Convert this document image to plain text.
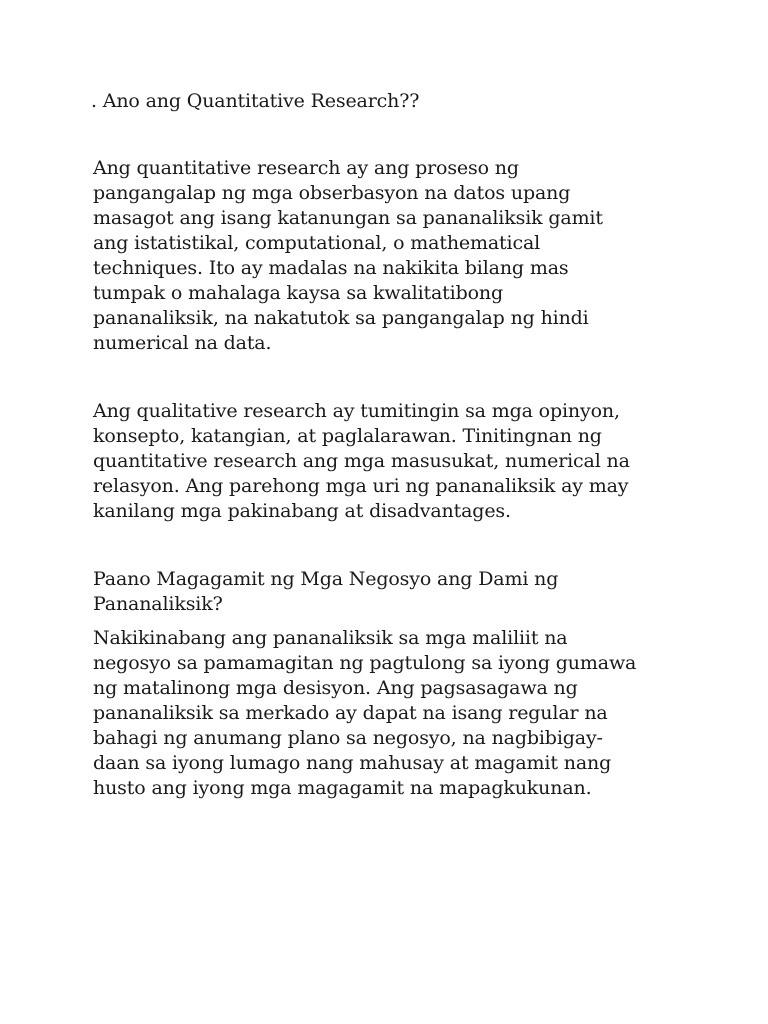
. Ano ang Quantitative Research??

Ang quantitative research ay ang proseso ng

pangangalap ng mga obserbasyon na datos upang

masagot ang isang katanungan sa pananaliksik gamit

ang istatistikal, computational, o mathematical

techniques. Ito ay madalas na nakikita bilang mas

tumpak o mahalaga kaysa sa kwalitatibong

pananaliksik, na nakatutok sa pangangalap ng hindi

numerical na data.

Ang qualitative research ay tumitingin sa mga opinyon,

konsepto, katangian, at paglalarawan. Tinitingnan ng

quantitative research ang mga masusukat, numerical na

relasyon. Ang parehong mga uri ng pananaliksik ay may

kanilang mga pakinabang at disadvantages.

Paano Magagamit ng Mga Negosyo ang Dami ng

Pananaliksik?

Nakikinabang ang pananaliksik sa mga maliliit na

negosyo sa pamamagitan ng pagtulong sa iyong gumawa

ng matalinong mga desisyon. Ang pagsasagawa ng

pananaliksik sa merkado ay dapat na isang regular na

bahagi ng anumang plano sa negosyo, na nagbibigay-

daan sa iyong lumago nang mahusay at magamit nang

husto ang iyong mga magagamit na mapagkukunan.
